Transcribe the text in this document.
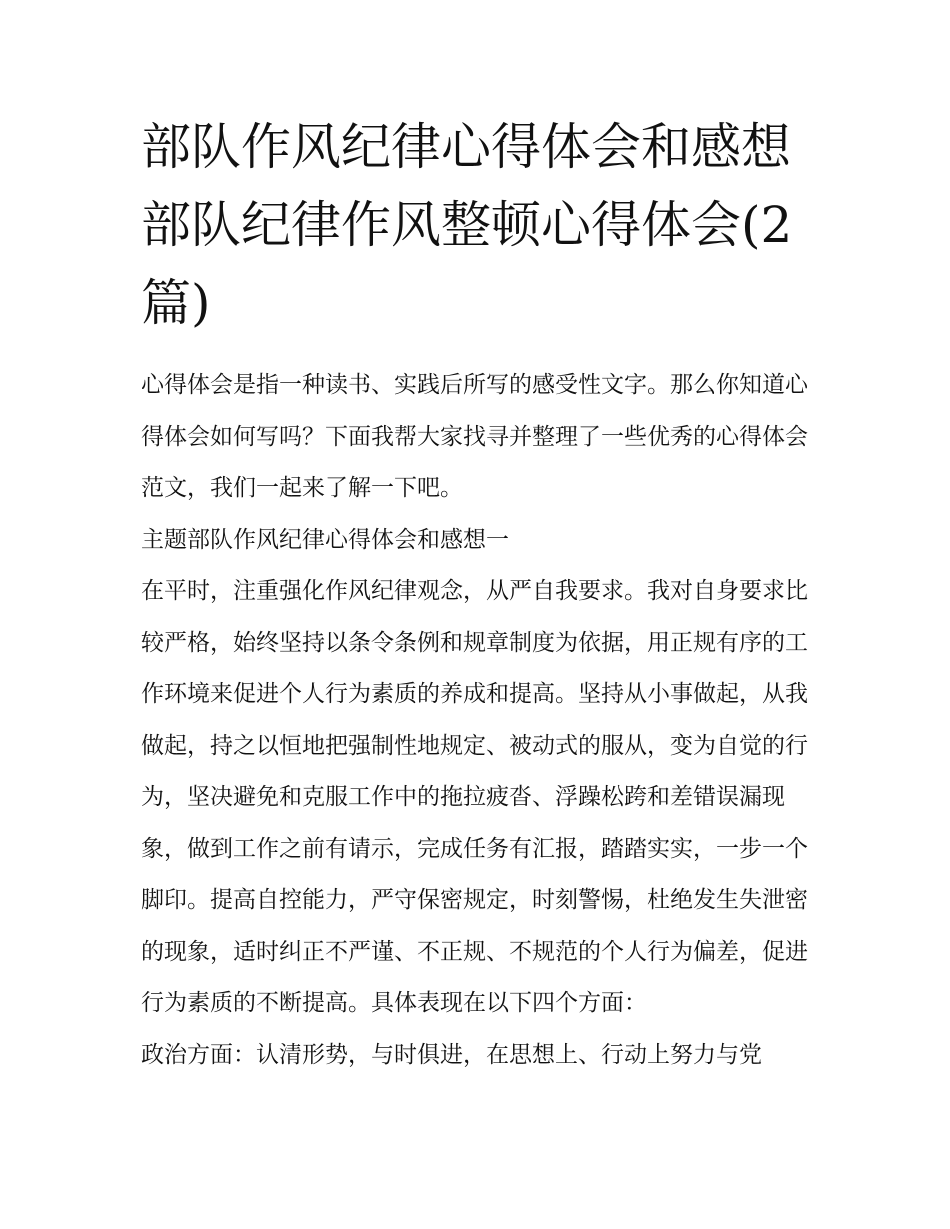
部队作风纪律心得体会和感想部队纪律作风整顿心得体会(2篇)

心得体会是指一种读书、实践后所写的感受性文字。那么你知道心得体会如何写吗？下面我帮大家找寻并整理了一些优秀的心得体会范文，我们一起来了解一下吧。

主题部队作风纪律心得体会和感想一

在平时，注重强化作风纪律观念，从严自我要求。我对自身要求比较严格，始终坚持以条令条例和规章制度为依据，用正规有序的工作环境来促进个人行为素质的养成和提高。坚持从小事做起，从我做起，持之以恒地把强制性地规定、被动式的服从，变为自觉的行为，坚决避免和克服工作中的拖拉疲沓、浮躁松跨和差错误漏现象，做到工作之前有请示，完成任务有汇报，踏踏实实，一步一个脚印。提高自控能力，严守保密规定，时刻警惕，杜绝发生失泄密的现象，适时纠正不严谨、不正规、不规范的个人行为偏差，促进行为素质的不断提高。具体表现在以下四个方面：

政治方面：认清形势，与时俱进，在思想上、行动上努力与党
